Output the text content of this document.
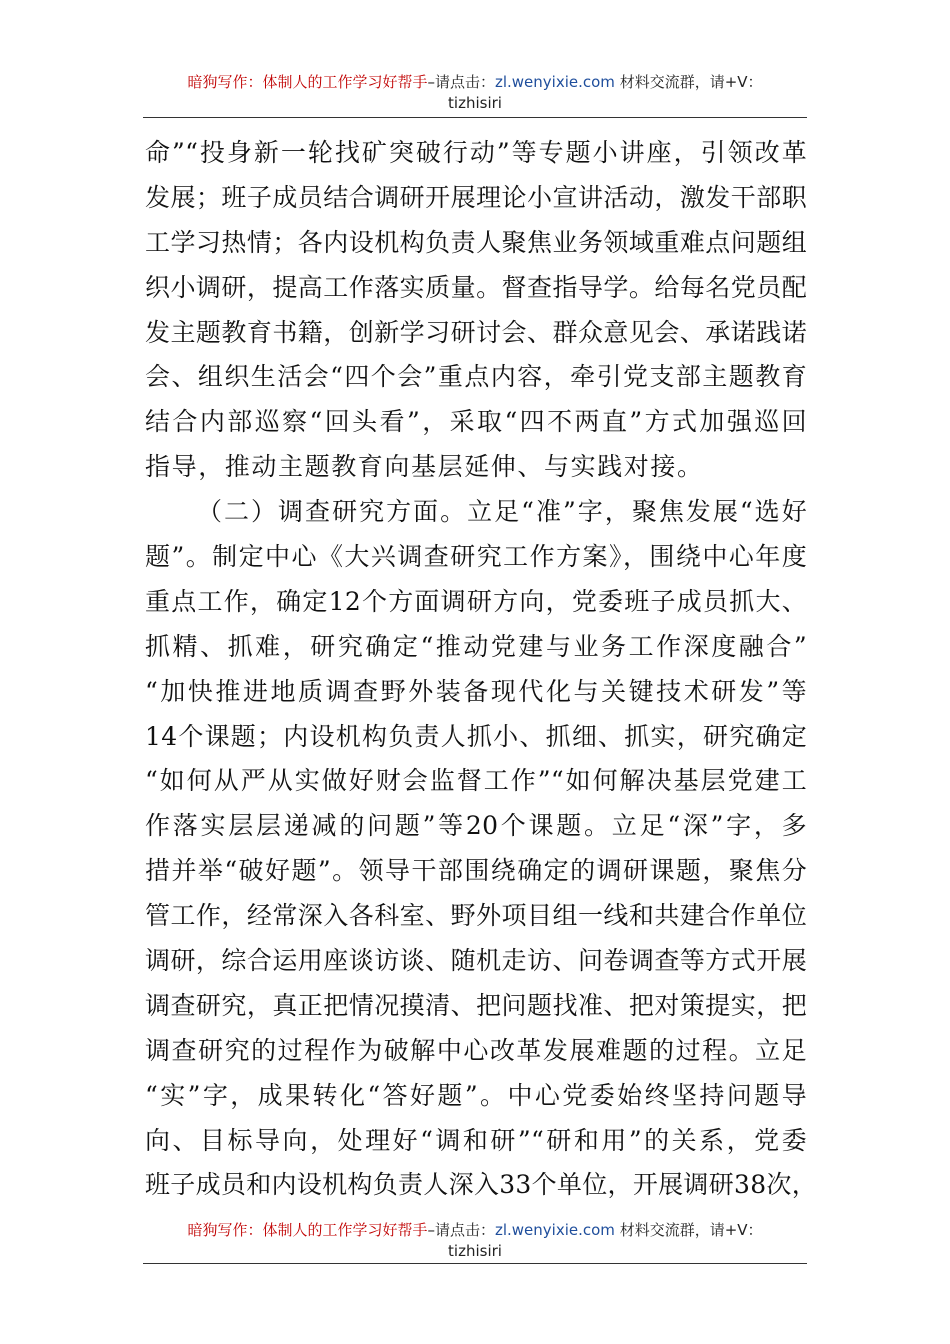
暗狗写作：体制人的工作学习好帮手–请点击：zl.wenyixie.com 材料交流群，请+V：
tizhisiri
命”“投身新一轮找矿突破行动”等专题小讲座，引领改革
发展；班子成员结合调研开展理论小宣讲活动，激发干部职
工学习热情；各内设机构负责人聚焦业务领域重难点问题组
织小调研，提高工作落实质量。督查指导学。给每名党员配
发主题教育书籍，创新学习研讨会、群众意见会、承诺践诺
会、组织生活会“四个会”重点内容，牵引党支部主题教育
结合内部巡察“回头看”，采取“四不两直”方式加强巡回
指导，推动主题教育向基层延伸、与实践对接。
（二）调查研究方面。立足“准”字，聚焦发展“选好
题”。制定中心《大兴调查研究工作方案》，围绕中心年度
重点工作，确定12个方面调研方向，党委班子成员抓大、
抓精、抓难，研究确定“推动党建与业务工作深度融合”
“加快推进地质调查野外装备现代化与关键技术研发”等
14个课题；内设机构负责人抓小、抓细、抓实，研究确定
“如何从严从实做好财会监督工作”“如何解决基层党建工
作落实层层递减的问题”等20个课题。立足“深”字，多
措并举“破好题”。领导干部围绕确定的调研课题，聚焦分
管工作，经常深入各科室、野外项目组一线和共建合作单位
调研，综合运用座谈访谈、随机走访、问卷调查等方式开展
调查研究，真正把情况摸清、把问题找准、把对策提实，把
调查研究的过程作为破解中心改革发展难题的过程。立足
“实”字，成果转化“答好题”。中心党委始终坚持问题导
向、目标导向，处理好“调和研”“研和用”的关系，党委
班子成员和内设机构负责人深入33个单位，开展调研38次，
暗狗写作：体制人的工作学习好帮手–请点击：zl.wenyixie.com 材料交流群，请+V：
tizhisiri
